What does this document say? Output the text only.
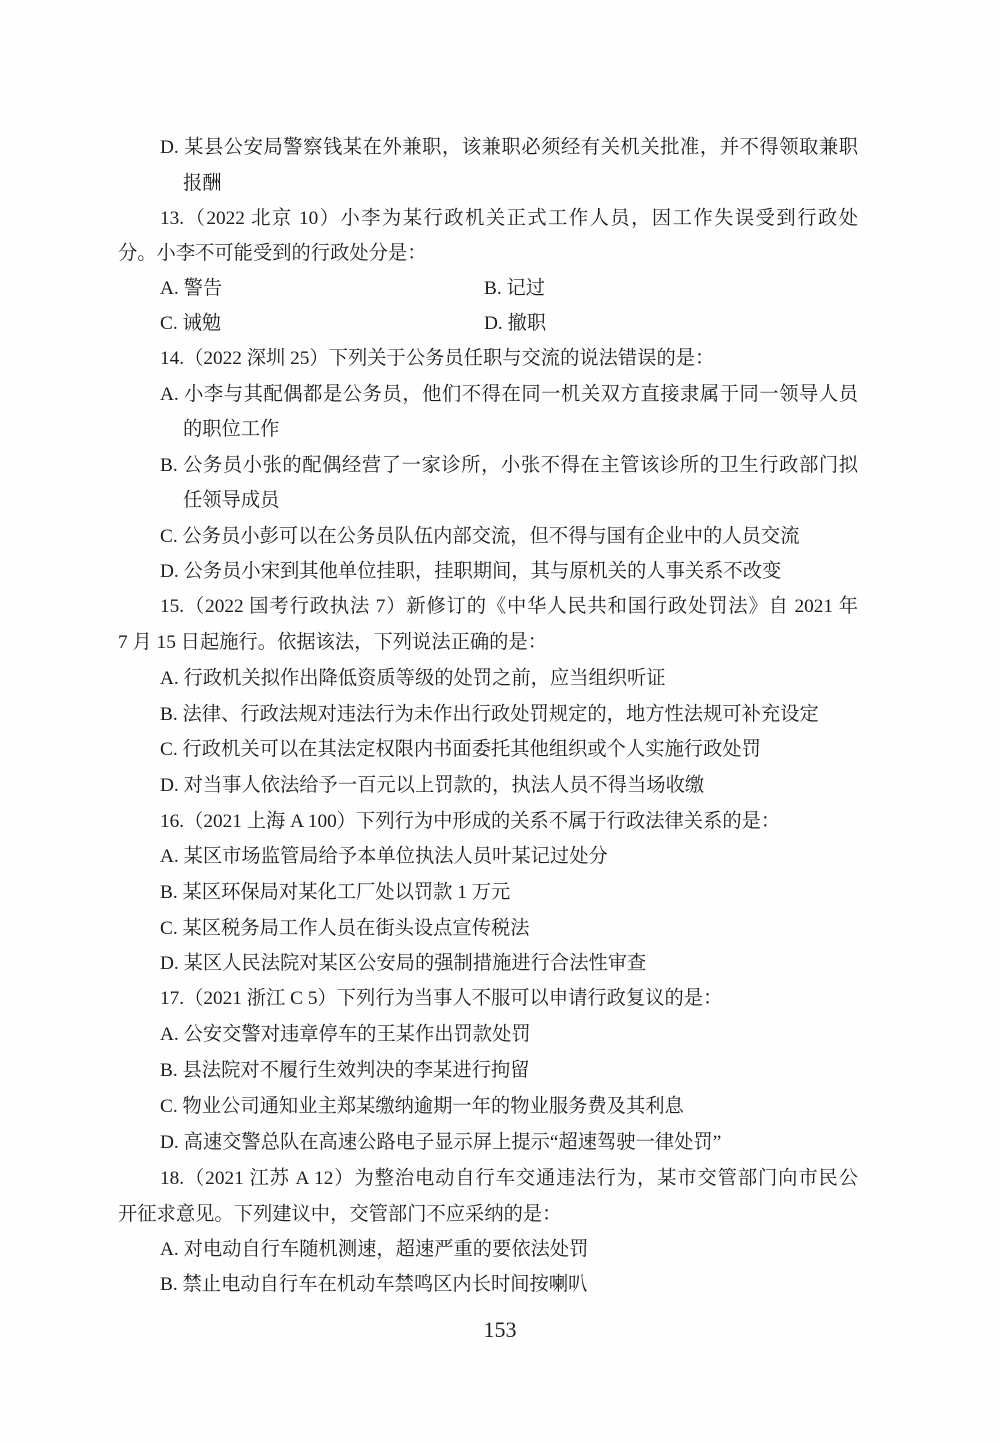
D. 某县公安局警察钱某在外兼职，该兼职必须经有关机关批准，并不得领取兼职
报酬
13.（2022 北京 10）小李为某行政机关正式工作人员，因工作失误受到行政处
分。小李不可能受到的行政处分是：
A. 警告	B. 记过
C. 诫勉	D. 撤职
14.（2022 深圳 25）下列关于公务员任职与交流的说法错误的是：
A. 小李与其配偶都是公务员，他们不得在同一机关双方直接隶属于同一领导人员
的职位工作
B. 公务员小张的配偶经营了一家诊所，小张不得在主管该诊所的卫生行政部门拟
任领导成员
C. 公务员小彭可以在公务员队伍内部交流，但不得与国有企业中的人员交流
D. 公务员小宋到其他单位挂职，挂职期间，其与原机关的人事关系不改变
15.（2022 国考行政执法 7）新修订的《中华人民共和国行政处罚法》自 2021 年
7 月 15 日起施行。依据该法，下列说法正确的是：
A. 行政机关拟作出降低资质等级的处罚之前，应当组织听证
B. 法律、行政法规对违法行为未作出行政处罚规定的，地方性法规可补充设定
C. 行政机关可以在其法定权限内书面委托其他组织或个人实施行政处罚
D. 对当事人依法给予一百元以上罚款的，执法人员不得当场收缴
16.（2021 上海 A 100）下列行为中形成的关系不属于行政法律关系的是：
A. 某区市场监管局给予本单位执法人员叶某记过处分
B. 某区环保局对某化工厂处以罚款 1 万元
C. 某区税务局工作人员在街头设点宣传税法
D. 某区人民法院对某区公安局的强制措施进行合法性审查
17.（2021 浙江 C 5）下列行为当事人不服可以申请行政复议的是：
A. 公安交警对违章停车的王某作出罚款处罚
B. 县法院对不履行生效判决的李某进行拘留
C. 物业公司通知业主郑某缴纳逾期一年的物业服务费及其利息
D. 高速交警总队在高速公路电子显示屏上提示“超速驾驶一律处罚”
18.（2021 江苏 A 12）为整治电动自行车交通违法行为，某市交管部门向市民公
开征求意见。下列建议中，交管部门不应采纳的是：
A. 对电动自行车随机测速，超速严重的要依法处罚
B. 禁止电动自行车在机动车禁鸣区内长时间按喇叭
153
